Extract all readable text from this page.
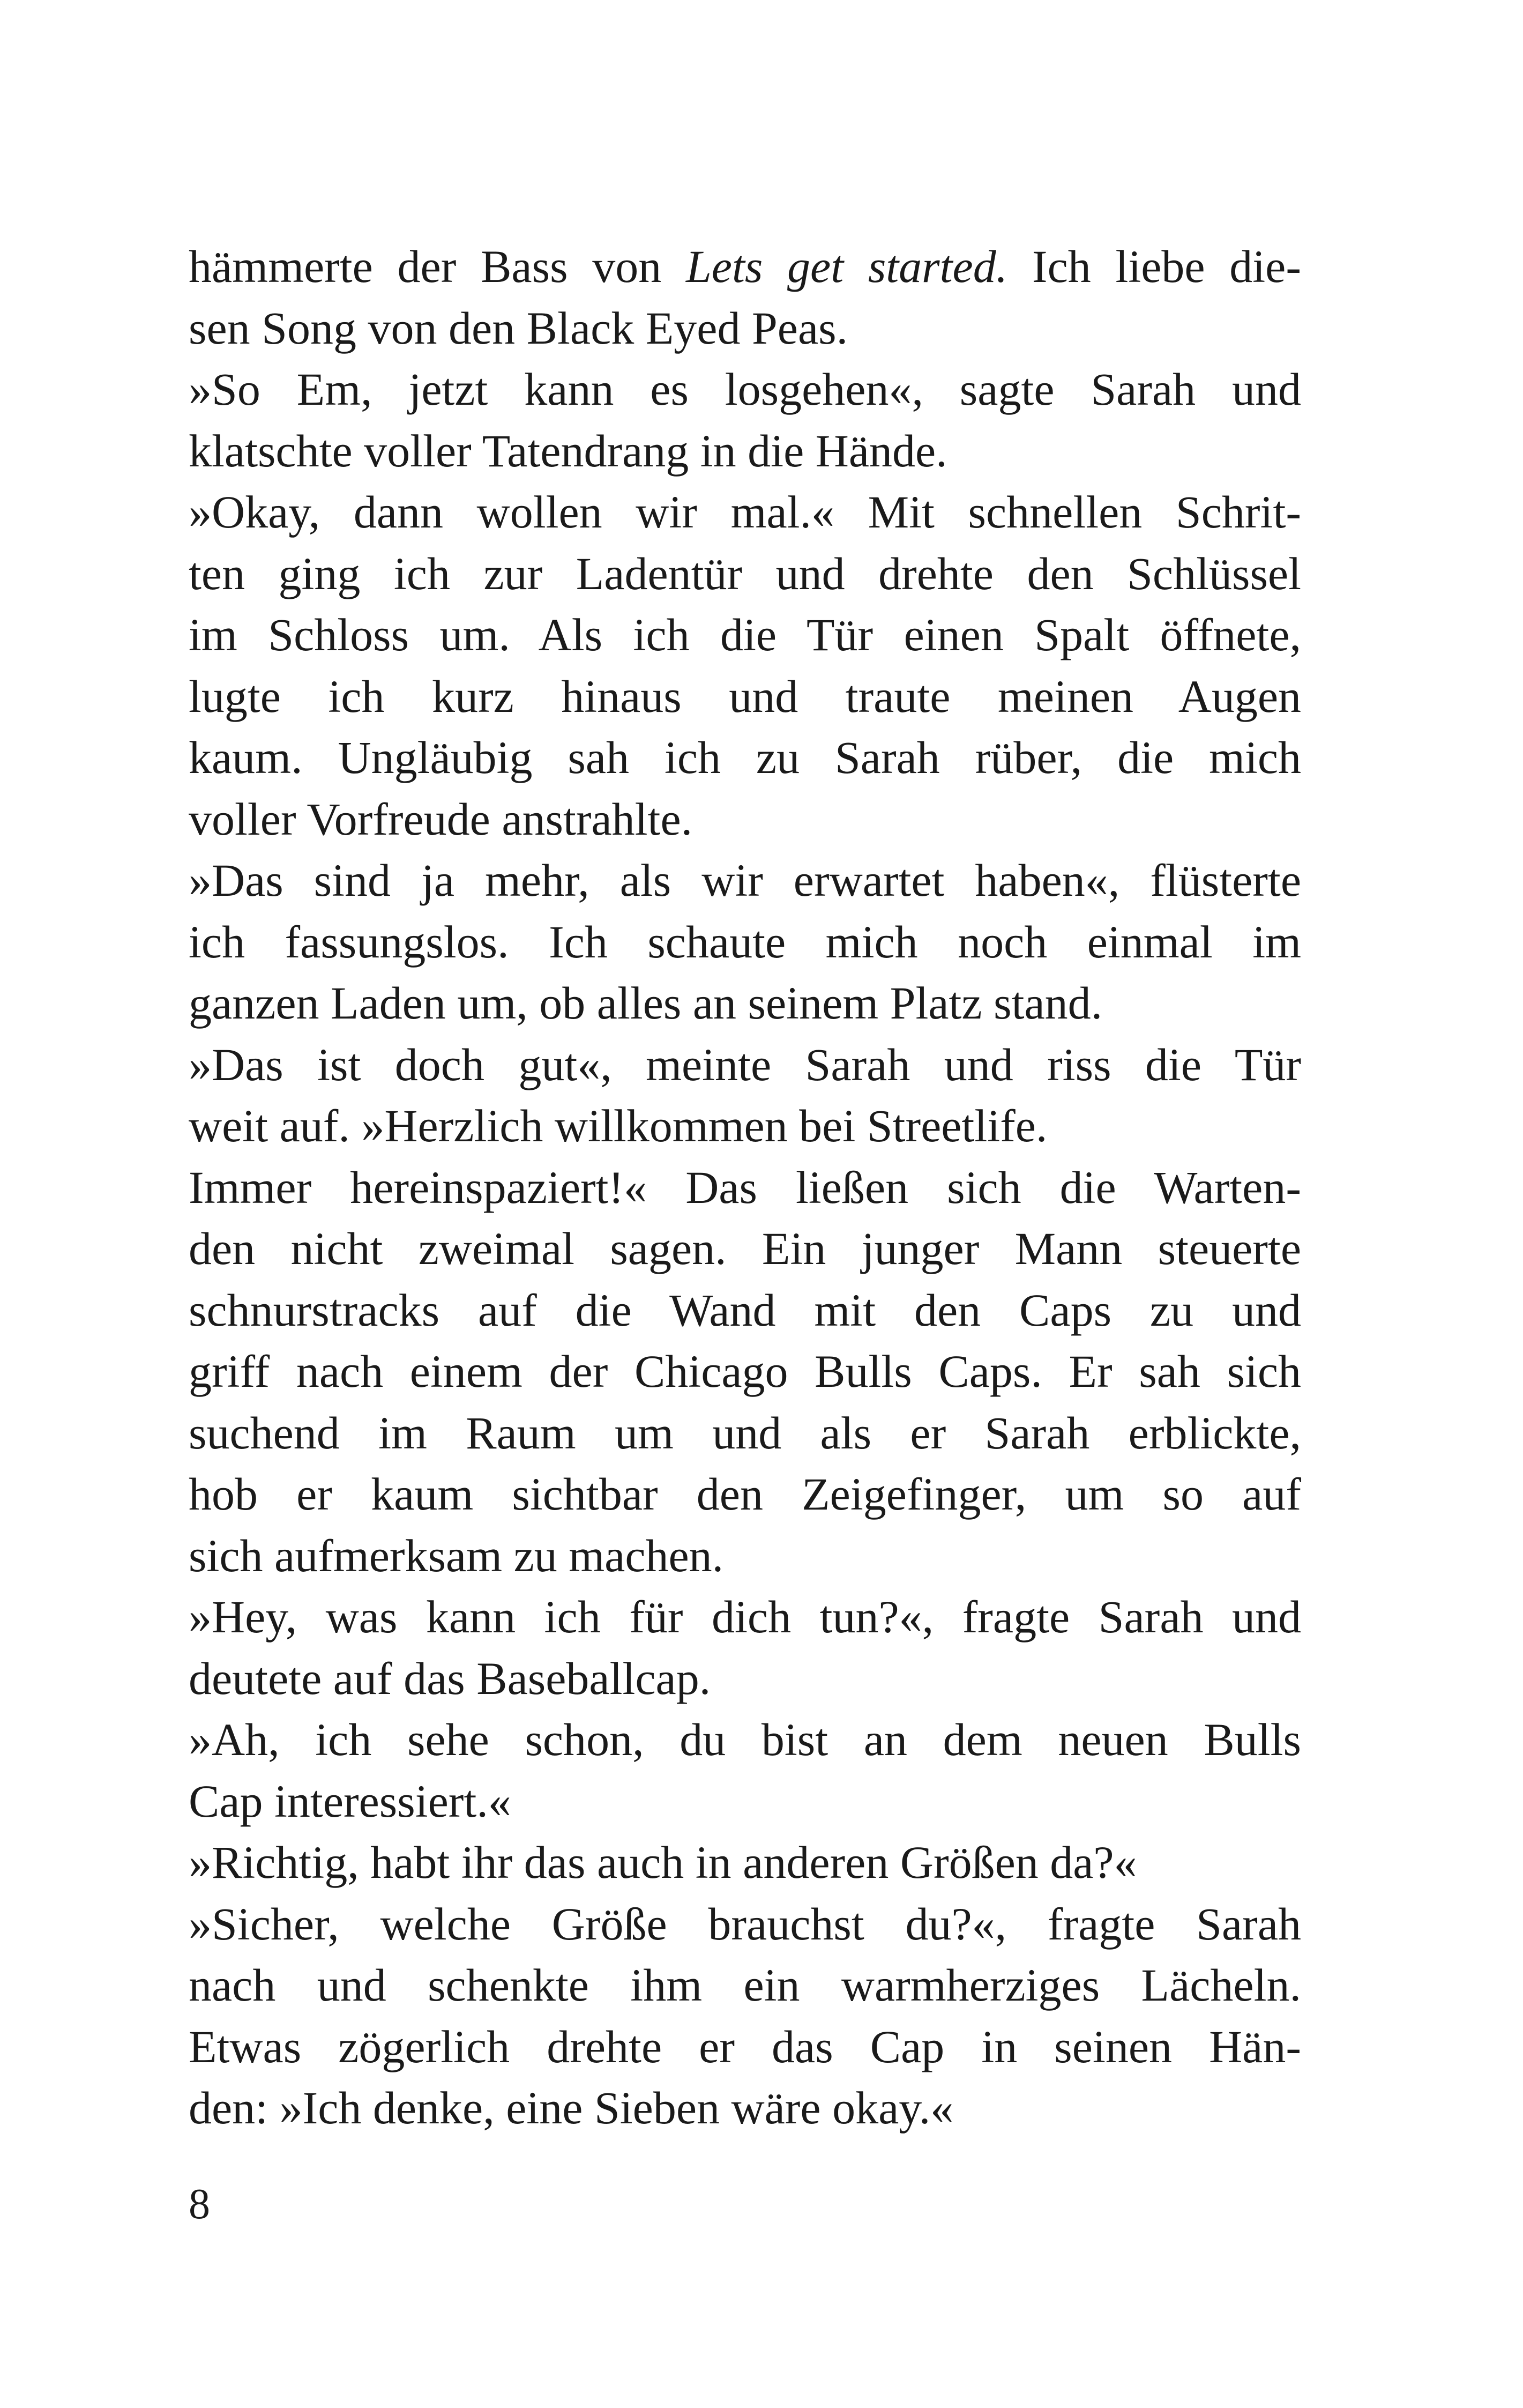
hämmerte der Bass von Lets get started. Ich liebe die-
sen Song von den Black Eyed Peas.
»So Em, jetzt kann es losgehen«, sagte Sarah und
klatschte voller Tatendrang in die Hände.
»Okay, dann wollen wir mal.« Mit schnellen Schrit-
ten ging ich zur Ladentür und drehte den Schlüssel
im Schloss um. Als ich die Tür einen Spalt öffnete,
lugte ich kurz hinaus und traute meinen Augen
kaum. Ungläubig sah ich zu Sarah rüber, die mich
voller Vorfreude anstrahlte.
»Das sind ja mehr, als wir erwartet haben«, flüsterte
ich fassungslos. Ich schaute mich noch einmal im
ganzen Laden um, ob alles an seinem Platz stand.
»Das ist doch gut«, meinte Sarah und riss die Tür
weit auf. »Herzlich willkommen bei Streetlife.
Immer hereinspaziert!« Das ließen sich die Warten-
den nicht zweimal sagen. Ein junger Mann steuerte
schnurstracks auf die Wand mit den Caps zu und
griff nach einem der Chicago Bulls Caps. Er sah sich
suchend im Raum um und als er Sarah erblickte,
hob er kaum sichtbar den Zeigefinger, um so auf
sich aufmerksam zu machen.
»Hey, was kann ich für dich tun?«, fragte Sarah und
deutete auf das Baseballcap.
»Ah, ich sehe schon, du bist an dem neuen Bulls
Cap interessiert.«
»Richtig, habt ihr das auch in anderen Größen da?«
»Sicher, welche Größe brauchst du?«, fragte Sarah
nach und schenkte ihm ein warmherziges Lächeln.
Etwas zögerlich drehte er das Cap in seinen Hän-
den: »Ich denke, eine Sieben wäre okay.«
8
